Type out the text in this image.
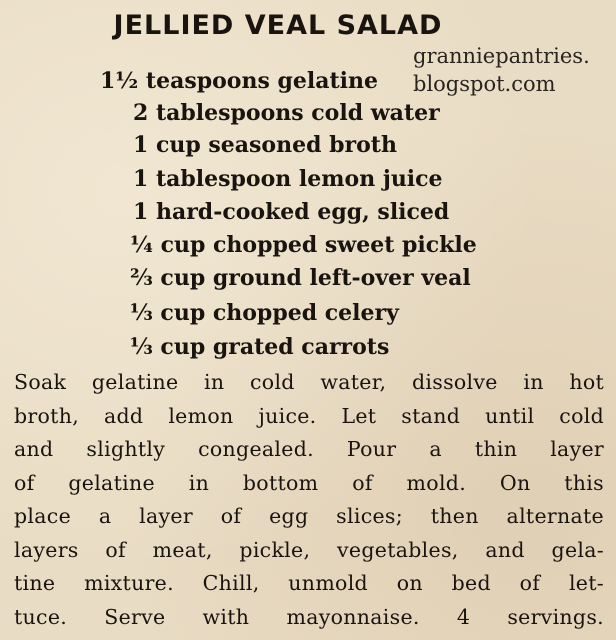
JELLIED VEAL SALAD
granniepantries.
blogspot.com
1½ teaspoons gelatine
2 tablespoons cold water
1 cup seasoned broth
1 tablespoon lemon juice
1 hard-cooked egg, sliced
¼ cup chopped sweet pickle
⅔ cup ground left-over veal
⅓ cup chopped celery
⅓ cup grated carrots
Soak gelatine in cold water, dissolve in hot
broth, add lemon juice. Let stand until cold
and slightly congealed. Pour a thin layer
of gelatine in bottom of mold. On this
place a layer of egg slices; then alternate
layers of meat, pickle, vegetables, and gela-
tine mixture. Chill, unmold on bed of let-
tuce. Serve with mayonnaise. 4 servings.
